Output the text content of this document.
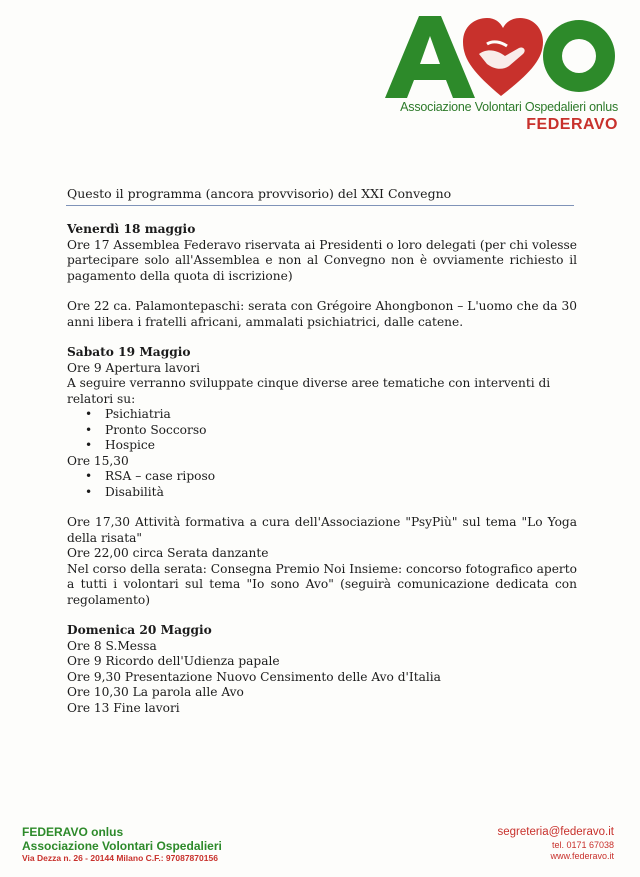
Associazione Volontari Ospedalieri onlus
FEDERAVO
Questo il programma (ancora provvisorio) del XXI Convegno

Venerdì 18 maggio

Ore 17 Assemblea Federavo riservata ai Presidenti o loro delegati (per chi volesse partecipare solo all'Assemblea e non al Convegno non è ovviamente richiesto il pagamento della quota di iscrizione)

Ore 22 ca. Palamontepaschi: serata con Grégoire Ahongbonon – L'uomo che da 30 anni libera i fratelli africani, ammalati psichiatrici, dalle catene.

Sabato 19 Maggio

Ore 9 Apertura lavori

A seguire verranno sviluppate cinque diverse aree tematiche con interventi di relatori su:

• Psichiatria
• Pronto Soccorso
• Hospice

Ore 15,30

• RSA – case riposo
• Disabilità

Ore 17,30 Attività formativa a cura dell'Associazione "PsyPiù" sul tema "Lo Yoga della risata"

Ore 22,00 circa Serata danzante

Nel corso della serata: Consegna Premio Noi Insieme: concorso fotografico aperto a tutti i volontari sul tema "Io sono Avo" (seguirà comunicazione dedicata con regolamento)

Domenica 20 Maggio

Ore 8 S.Messa

Ore 9 Ricordo dell'Udienza papale

Ore 9,30 Presentazione Nuovo Censimento delle Avo d'Italia

Ore 10,30 La parola alle Avo

Ore 13 Fine lavori

FEDERAVO onlus
Associazione Volontari Ospedalieri
Via Dezza n. 26 - 20144 Milano C.F.: 97087870156
segreteria@federavo.it
tel. 0171 67038
www.federavo.it
